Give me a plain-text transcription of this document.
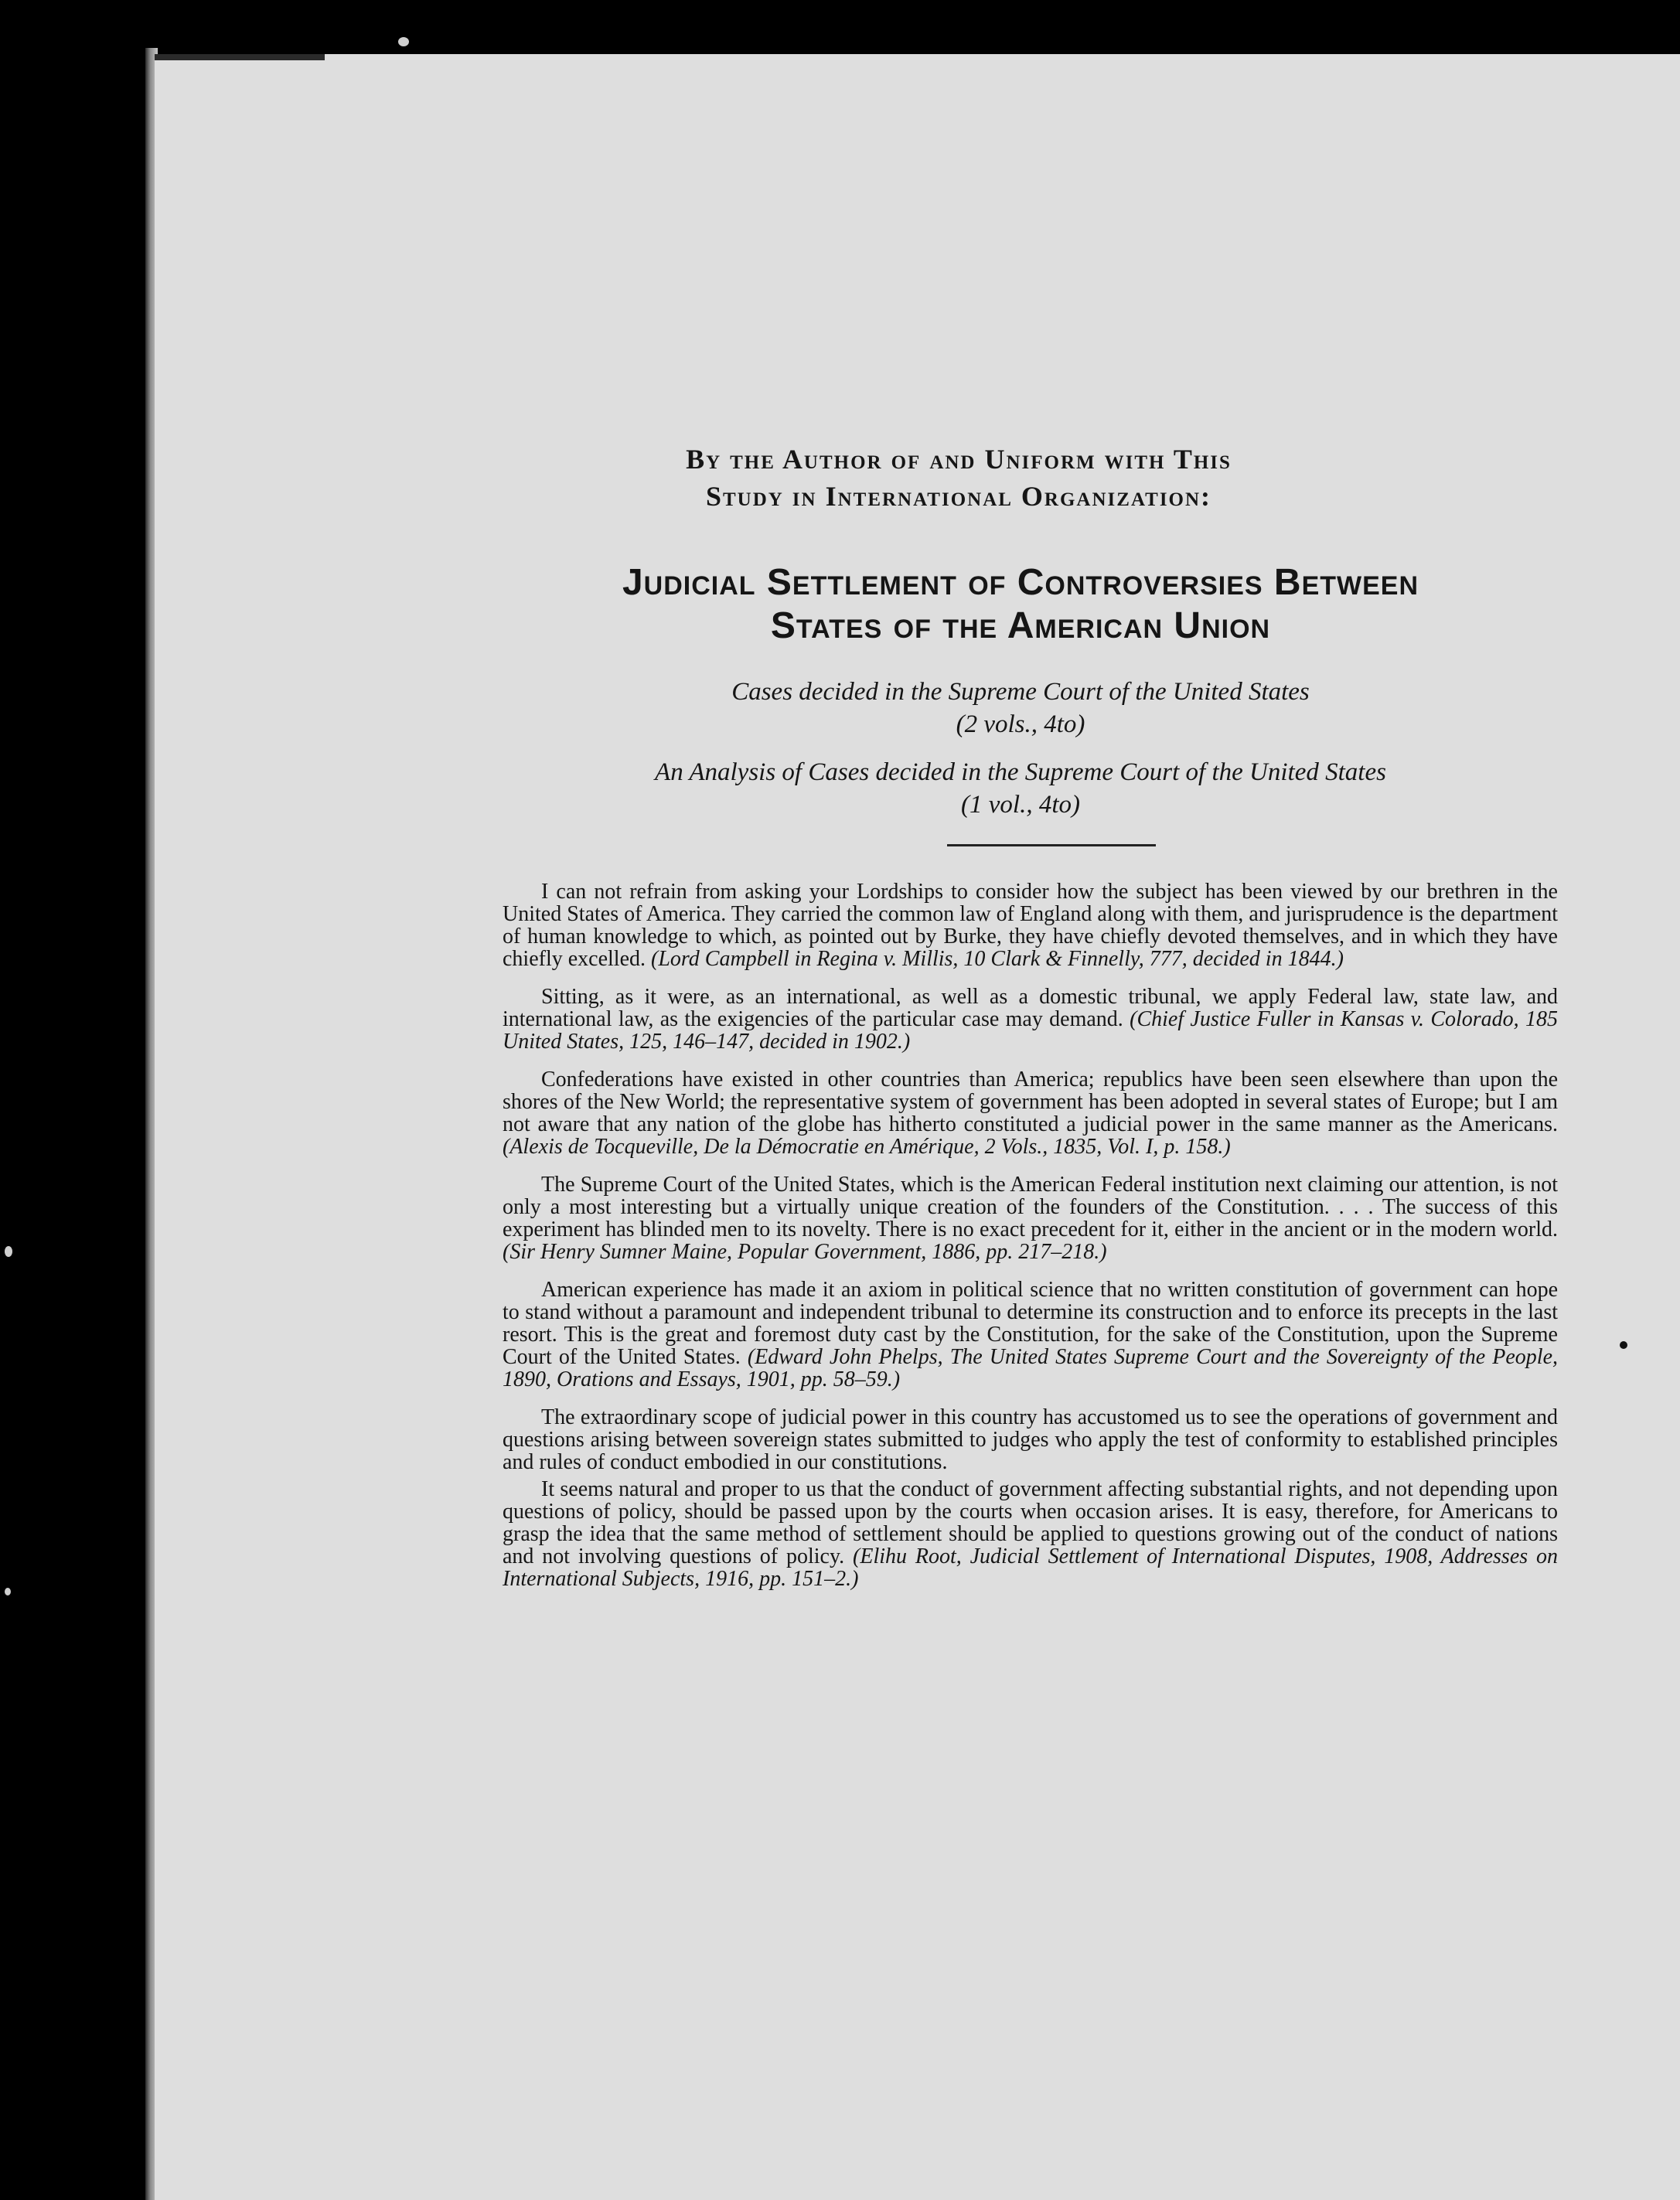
By the Author of and Uniform with This
Study in International Organization:
Judicial Settlement of Controversies Between
States of the American Union
Cases decided in the Supreme Court of the United States
(2 vols., 4to)
An Analysis of Cases decided in the Supreme Court of the United States
(1 vol., 4to)

I can not refrain from asking your Lordships to consider how the subject has been viewed by our brethren in the United States of America. They carried the common law of England along with them, and jurisprudence is the department of human knowledge to which, as pointed out by Burke, they have chiefly devoted themselves, and in which they have chiefly excelled. (Lord Campbell in Regina v. Millis, 10 Clark & Finnelly, 777, decided in 1844.)

Sitting, as it were, as an international, as well as a domestic tribunal, we apply Federal law, state law, and international law, as the exigencies of the particular case may demand. (Chief Justice Fuller in Kansas v. Colorado, 185 United States, 125, 146–147, decided in 1902.)

Confederations have existed in other countries than America; republics have been seen elsewhere than upon the shores of the New World; the representative system of government has been adopted in several states of Europe; but I am not aware that any nation of the globe has hitherto constituted a judicial power in the same manner as the Americans. (Alexis de Tocqueville, De la Démocratie en Amérique, 2 Vols., 1835, Vol. I, p. 158.)

The Supreme Court of the United States, which is the American Federal institution next claiming our attention, is not only a most interesting but a virtually unique creation of the founders of the Constitution. . . . The success of this experiment has blinded men to its novelty. There is no exact precedent for it, either in the ancient or in the modern world. (Sir Henry Sumner Maine, Popular Government, 1886, pp. 217–218.)

American experience has made it an axiom in political science that no written constitution of government can hope to stand without a paramount and independent tribunal to determine its construction and to enforce its precepts in the last resort. This is the great and foremost duty cast by the Constitution, for the sake of the Constitution, upon the Supreme Court of the United States. (Edward John Phelps, The United States Supreme Court and the Sovereignty of the People, 1890, Orations and Essays, 1901, pp. 58–59.)

The extraordinary scope of judicial power in this country has accustomed us to see the operations of government and questions arising between sovereign states submitted to judges who apply the test of conformity to established principles and rules of conduct embodied in our constitutions.

It seems natural and proper to us that the conduct of government affecting substantial rights, and not depending upon questions of policy, should be passed upon by the courts when occasion arises. It is easy, therefore, for Americans to grasp the idea that the same method of settlement should be applied to questions growing out of the conduct of nations and not involving questions of policy. (Elihu Root, Judicial Settlement of International Disputes, 1908, Addresses on International Subjects, 1916, pp. 151–2.)
